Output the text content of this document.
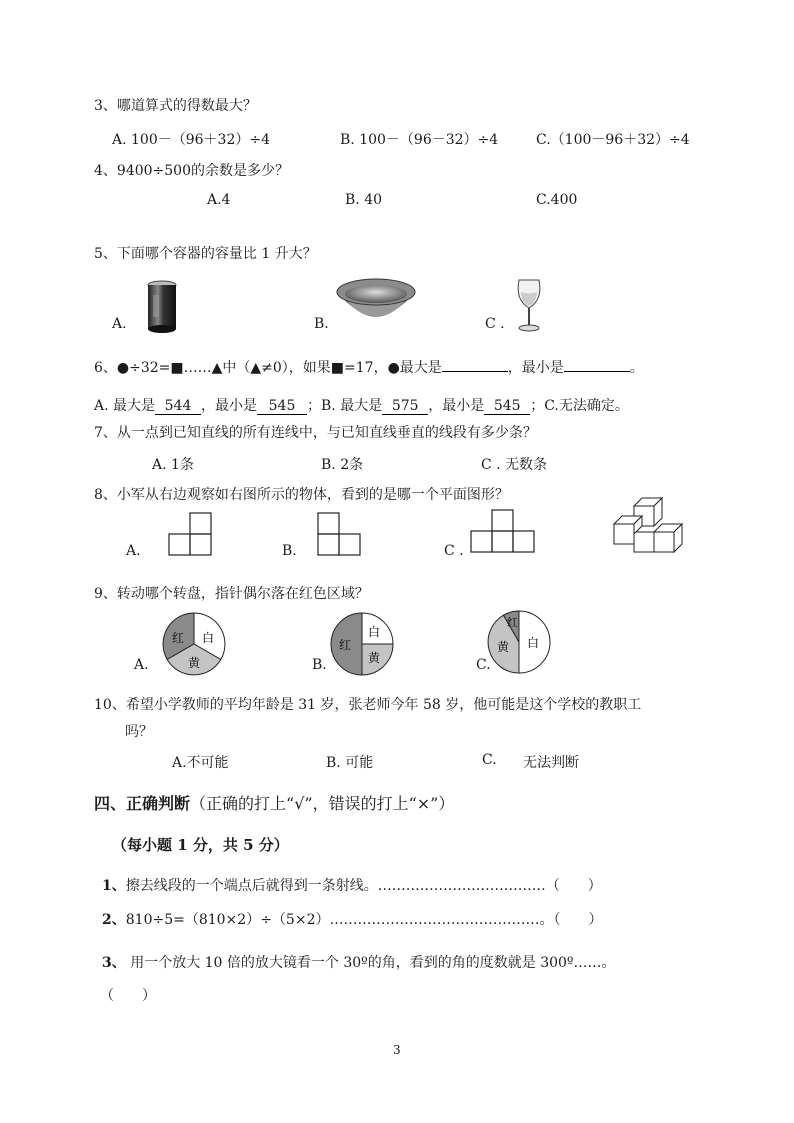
3、哪道算式的得数最大？
A. 100－（96＋32）÷4	B. 100－（96－32）÷4	C.（100－96＋32）÷4
4、9400÷500的余数是多少？
A.4	B. 40	C.400
5、下面哪个容器的容量比 1 升大？
A.	B.	C .
6、●÷32=■……▲中（▲≠0），如果■=17，●最大是	，最小是	。
A. 最大是 544 ，最小是 545 ；B. 最大是 575 ，最小是 545 ；C.无法确定。
7、从一点到已知直线的所有连线中，与已知直线垂直的线段有多少条？
A. 1条	B. 2条	C . 无数条
8、小军从右边观察如右图所示的物体，看到的是哪一个平面图形？
A.	B.	C .
9、转动哪个转盘，指针偶尔落在红色区域？
A.	B.	C.
红 白
黄
红
白
黄
红
白
黄
10、希望小学教师的平均年龄是 31 岁，张老师今年 58 岁，他可能是这个学校的教职工
吗？
A.不可能	B. 可能	C. 无法判断
四、正确判断（正确的打上“√”，错误的打上“×”）
（每小题 1 分，共 5 分）
1、擦去线段的一个端点后就得到一条射线。………………………………（　　）
2、810÷5=（810×2）÷（5×2）………………………………………。（　　）
3、 用一个放大 10 倍的放大镜看一个 30º的角，看到的角的度数就是 300º……。
（　　）
3
